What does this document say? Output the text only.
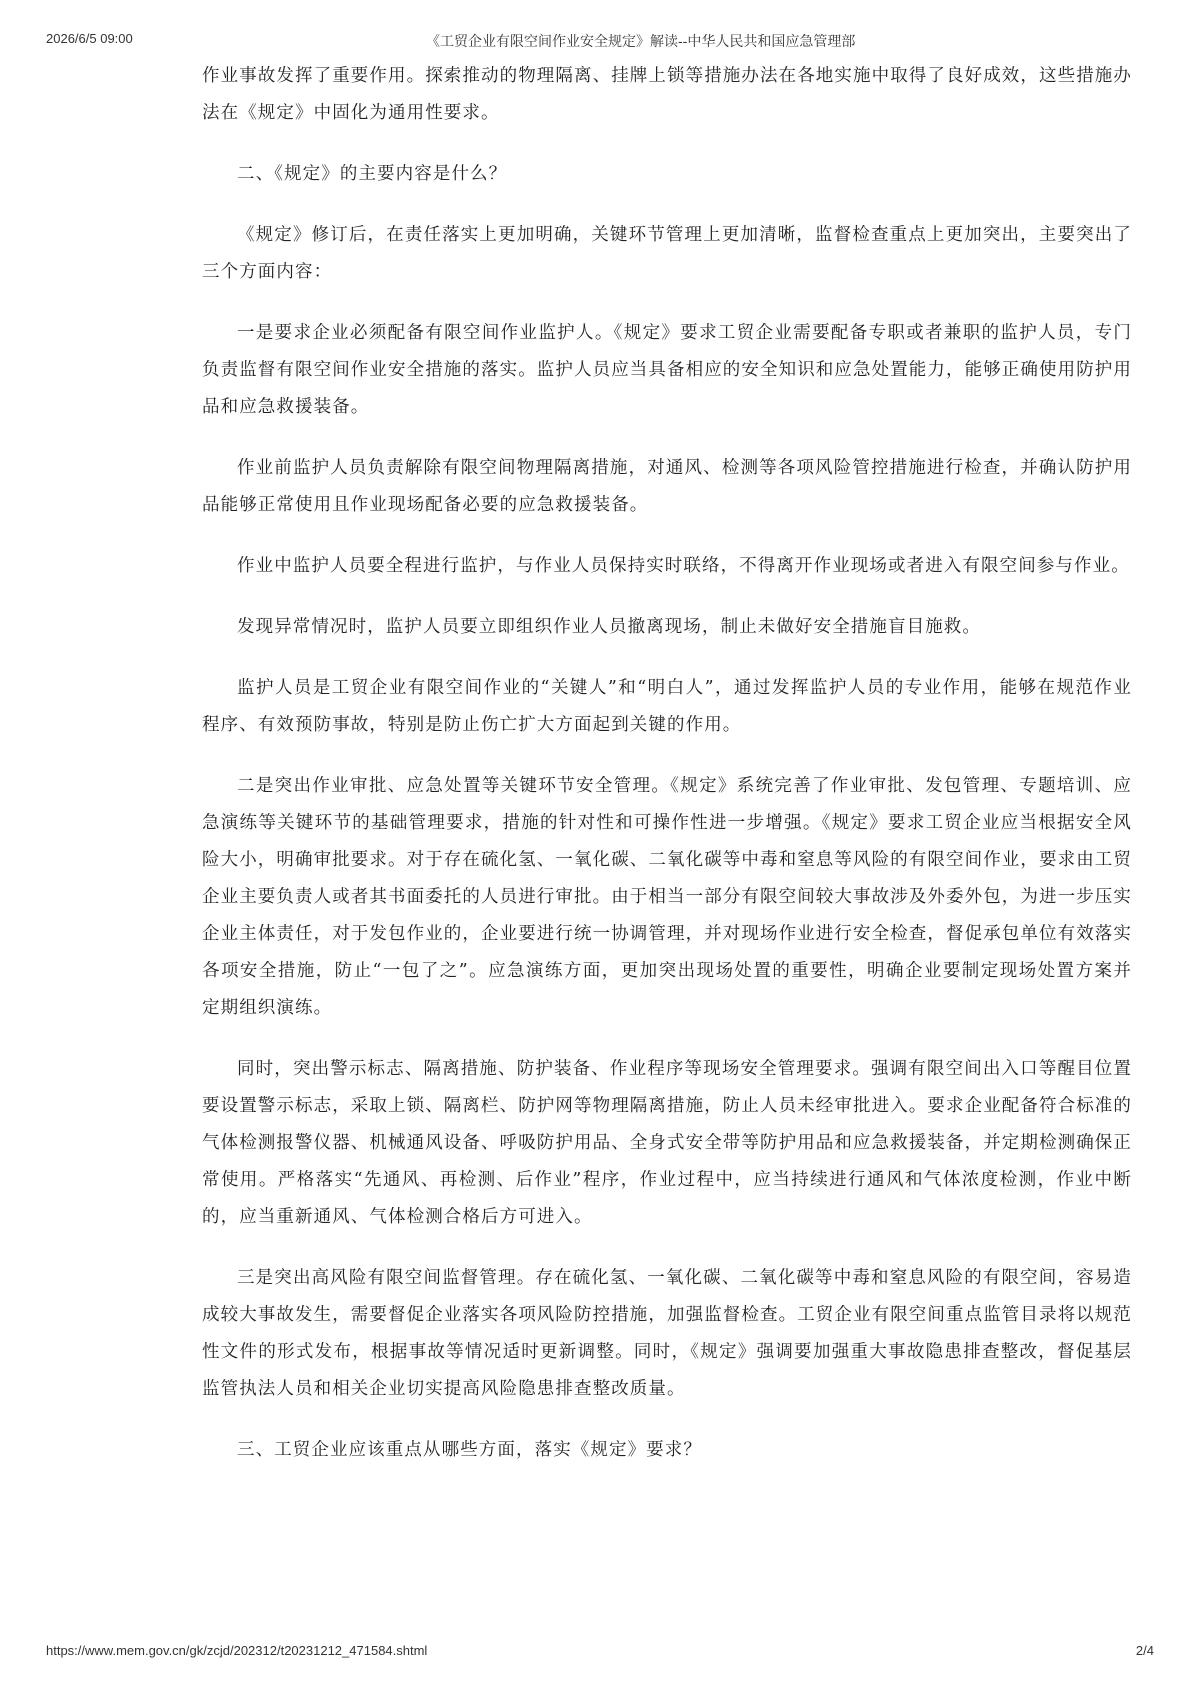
2026/6/5 09:00	《工贸企业有限空间作业安全规定》解读--中华人民共和国应急管理部

作业事故发挥了重要作用。探索推动的物理隔离、挂牌上锁等措施办法在各地实施中取得了良好成效，这些措施办法在《规定》中固化为通用性要求。

二、《规定》的主要内容是什么？

《规定》修订后，在责任落实上更加明确，关键环节管理上更加清晰，监督检查重点上更加突出，主要突出了三个方面内容：

一是要求企业必须配备有限空间作业监护人。《规定》要求工贸企业需要配备专职或者兼职的监护人员，专门负责监督有限空间作业安全措施的落实。监护人员应当具备相应的安全知识和应急处置能力，能够正确使用防护用品和应急救援装备。

作业前监护人员负责解除有限空间物理隔离措施，对通风、检测等各项风险管控措施进行检查，并确认防护用品能够正常使用且作业现场配备必要的应急救援装备。

作业中监护人员要全程进行监护，与作业人员保持实时联络，不得离开作业现场或者进入有限空间参与作业。

发现异常情况时，监护人员要立即组织作业人员撤离现场，制止未做好安全措施盲目施救。

监护人员是工贸企业有限空间作业的“关键人”和“明白人”，通过发挥监护人员的专业作用，能够在规范作业程序、有效预防事故，特别是防止伤亡扩大方面起到关键的作用。

二是突出作业审批、应急处置等关键环节安全管理。《规定》系统完善了作业审批、发包管理、专题培训、应急演练等关键环节的基础管理要求，措施的针对性和可操作性进一步增强。《规定》要求工贸企业应当根据安全风险大小，明确审批要求。对于存在硫化氢、一氧化碳、二氧化碳等中毒和窒息等风险的有限空间作业，要求由工贸企业主要负责人或者其书面委托的人员进行审批。由于相当一部分有限空间较大事故涉及外委外包，为进一步压实企业主体责任，对于发包作业的，企业要进行统一协调管理，并对现场作业进行安全检查，督促承包单位有效落实各项安全措施，防止“一包了之”。应急演练方面，更加突出现场处置的重要性，明确企业要制定现场处置方案并定期组织演练。

同时，突出警示标志、隔离措施、防护装备、作业程序等现场安全管理要求。强调有限空间出入口等醒目位置要设置警示标志，采取上锁、隔离栏、防护网等物理隔离措施，防止人员未经审批进入。要求企业配备符合标准的气体检测报警仪器、机械通风设备、呼吸防护用品、全身式安全带等防护用品和应急救援装备，并定期检测确保正常使用。严格落实“先通风、再检测、后作业”程序，作业过程中，应当持续进行通风和气体浓度检测，作业中断的，应当重新通风、气体检测合格后方可进入。

三是突出高风险有限空间监督管理。存在硫化氢、一氧化碳、二氧化碳等中毒和窒息风险的有限空间，容易造成较大事故发生，需要督促企业落实各项风险防控措施，加强监督检查。工贸企业有限空间重点监管目录将以规范性文件的形式发布，根据事故等情况适时更新调整。同时，《规定》强调要加强重大事故隐患排查整改，督促基层监管执法人员和相关企业切实提高风险隐患排查整改质量。

三、工贸企业应该重点从哪些方面，落实《规定》要求？

https://www.mem.gov.cn/gk/zcjd/202312/t20231212_471584.shtml	2/4
